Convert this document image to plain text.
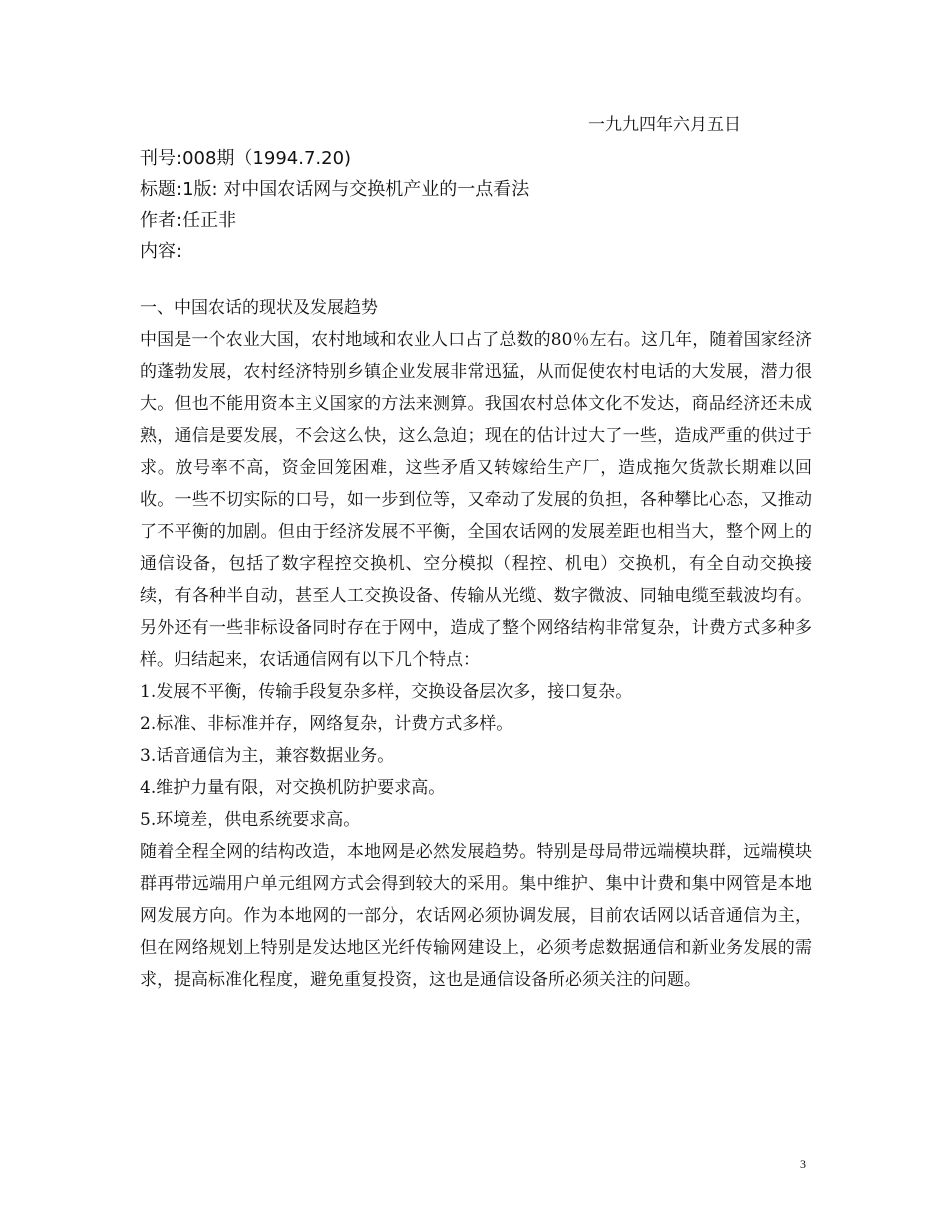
一九九四年六月五日
刊号:008期（1994.7.20)
标题:1版: 对中国农话网与交换机产业的一点看法
作者:任正非
内容:
一、中国农话的现状及发展趋势

中国是一个农业大国，农村地域和农业人口占了总数的80％左右。这几年，随着国家经济的蓬勃发展，农村经济特别乡镇企业发展非常迅猛，从而促使农村电话的大发展，潜力很大。但也不能用资本主义国家的方法来测算。我国农村总体文化不发达，商品经济还未成熟，通信是要发展，不会这么快，这么急迫；现在的估计过大了一些，造成严重的供过于求。放号率不高，资金回笼困难，这些矛盾又转嫁给生产厂，造成拖欠货款长期难以回收。一些不切实际的口号，如一步到位等，又牵动了发展的负担，各种攀比心态，又推动了不平衡的加剧。但由于经济发展不平衡，全国农话网的发展差距也相当大，整个网上的通信设备，包括了数字程控交换机、空分模拟（程控、机电）交换机，有全自动交换接续，有各种半自动，甚至人工交换设备、传输从光缆、数字微波、同轴电缆至载波均有。另外还有一些非标设备同时存在于网中，造成了整个网络结构非常复杂，计费方式多种多样。归结起来，农话通信网有以下几个特点：

1.发展不平衡，传输手段复杂多样，交换设备层次多，接口复杂。
2.标准、非标准并存，网络复杂，计费方式多样。
3.话音通信为主，兼容数据业务。
4.维护力量有限，对交换机防护要求高。
5.环境差，供电系统要求高。

随着全程全网的结构改造，本地网是必然发展趋势。特别是母局带远端模块群，远端模块群再带远端用户单元组网方式会得到较大的采用。集中维护、集中计费和集中网管是本地网发展方向。作为本地网的一部分，农话网必须协调发展，目前农话网以话音通信为主，但在网络规划上特别是发达地区光纤传输网建设上，必须考虑数据通信和新业务发展的需求，提高标准化程度，避免重复投资，这也是通信设备所必须关注的问题。

3
